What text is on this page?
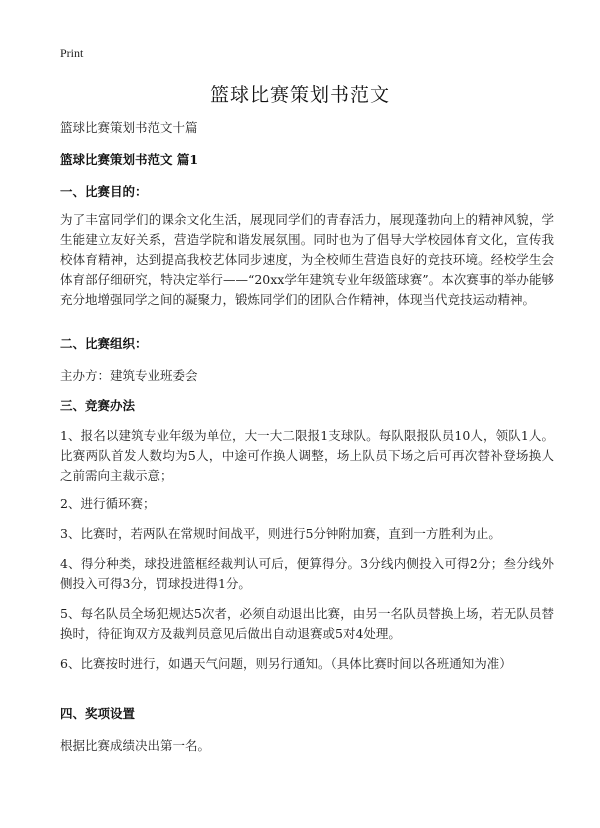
Print
篮球比赛策划书范文
篮球比赛策划书范文十篇
篮球比赛策划书范文 篇1
一、比赛目的：
为了丰富同学们的课余文化生活，展现同学们的青春活力，展现蓬勃向上的精神风貌，学生能建立友好关系，营造学院和谐发展氛围。同时也为了倡导大学校园体育文化，宣传我校体育精神，达到提高我校艺体同步速度，为全校师生营造良好的竞技环境。经校学生会体育部仔细研究，特决定举行——“20xx学年建筑专业年级篮球赛”。本次赛事的举办能够充分地增强同学之间的凝聚力，锻炼同学们的团队合作精神，体现当代竞技运动精神。
二、比赛组织：
主办方：建筑专业班委会
三、竞赛办法
1、报名以建筑专业年级为单位，大一大二限报1支球队。每队限报队员10人，领队1人。比赛两队首发人数均为5人，中途可作换人调整，场上队员下场之后可再次替补登场换人之前需向主裁示意；
2、进行循环赛；
3、比赛时，若两队在常规时间战平，则进行5分钟附加赛，直到一方胜利为止。
4、得分种类，球投进篮框经裁判认可后，便算得分。3分线内侧投入可得2分；叁分线外侧投入可得3分，罚球投进得1分。
5、每名队员全场犯规达5次者，必须自动退出比赛，由另一名队员替换上场，若无队员替换时，待征询双方及裁判员意见后做出自动退赛或5对4处理。
6、比赛按时进行，如遇天气问题，则另行通知。（具体比赛时间以各班通知为准）
四、奖项设置
根据比赛成绩决出第一名。
